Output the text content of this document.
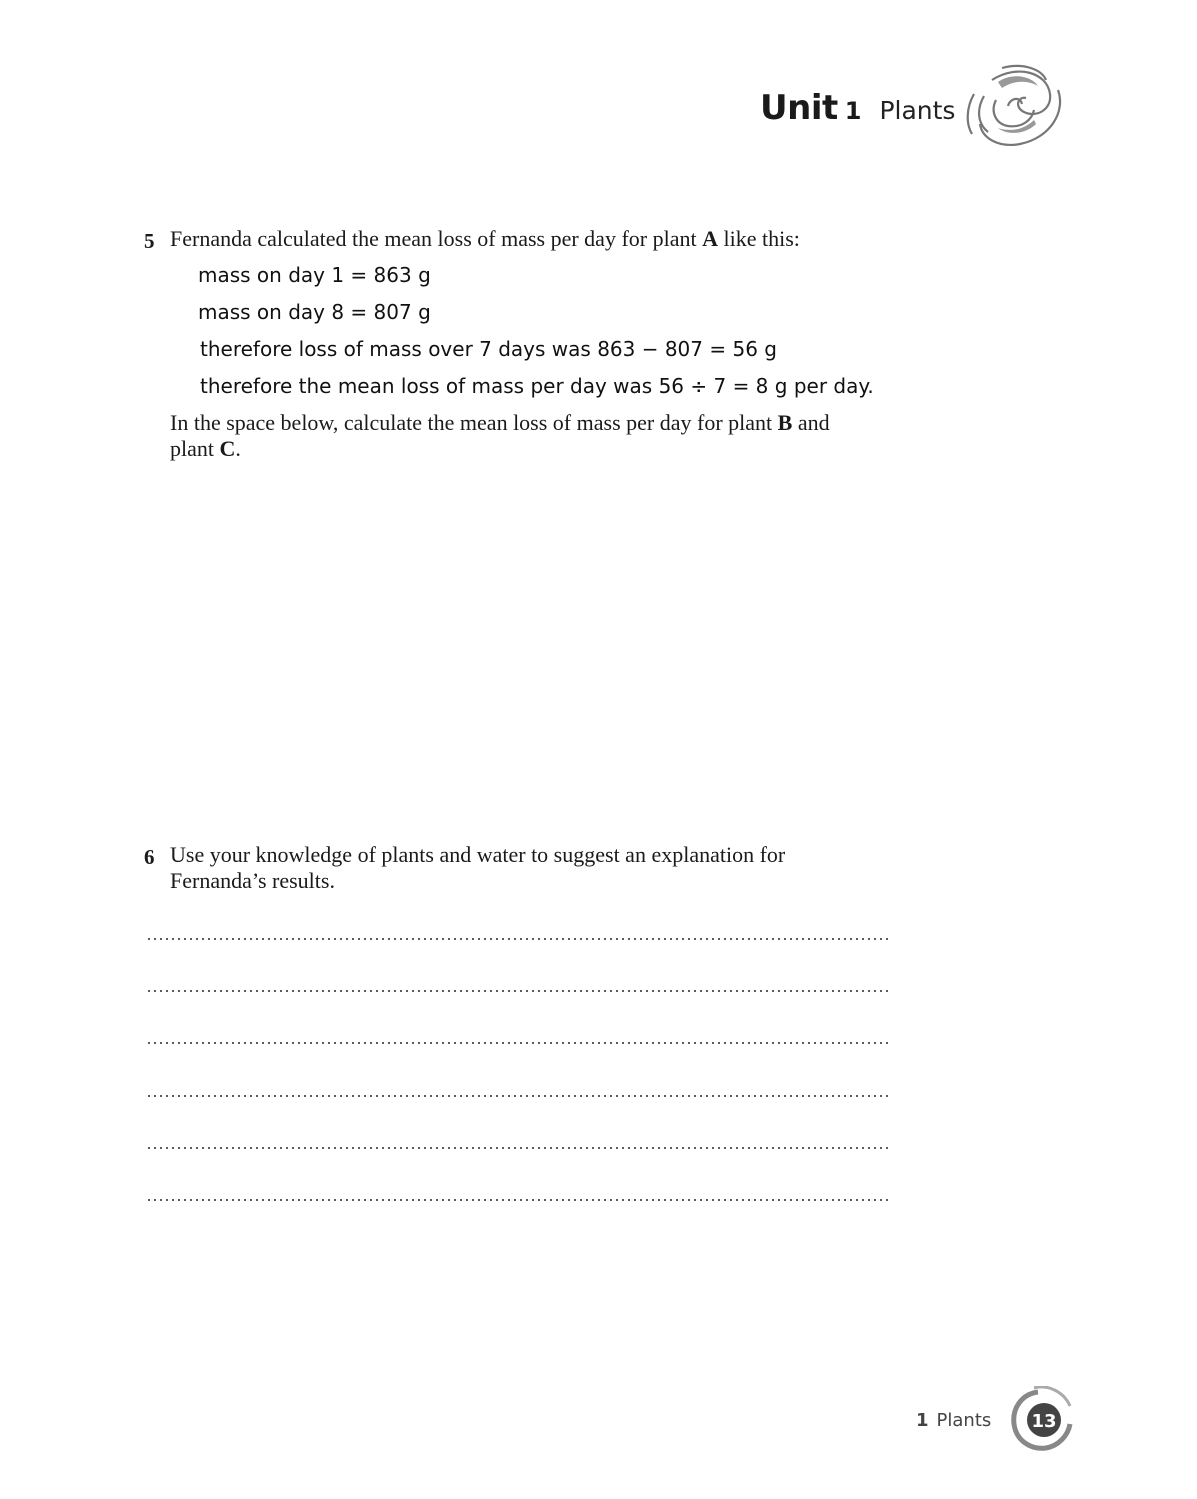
Unit 1 Plants
5 Fernanda calculated the mean loss of mass per day for plant A like this:
mass on day 1 = 863 g
mass on day 8 = 807 g
therefore loss of mass over 7 days was 863 − 807 = 56 g
therefore the mean loss of mass per day was 56 ÷ 7 = 8 g per day.
In the space below, calculate the mean loss of mass per day for plant B and plant C.
6 Use your knowledge of plants and water to suggest an explanation for Fernanda’s results.
1 Plants 13
